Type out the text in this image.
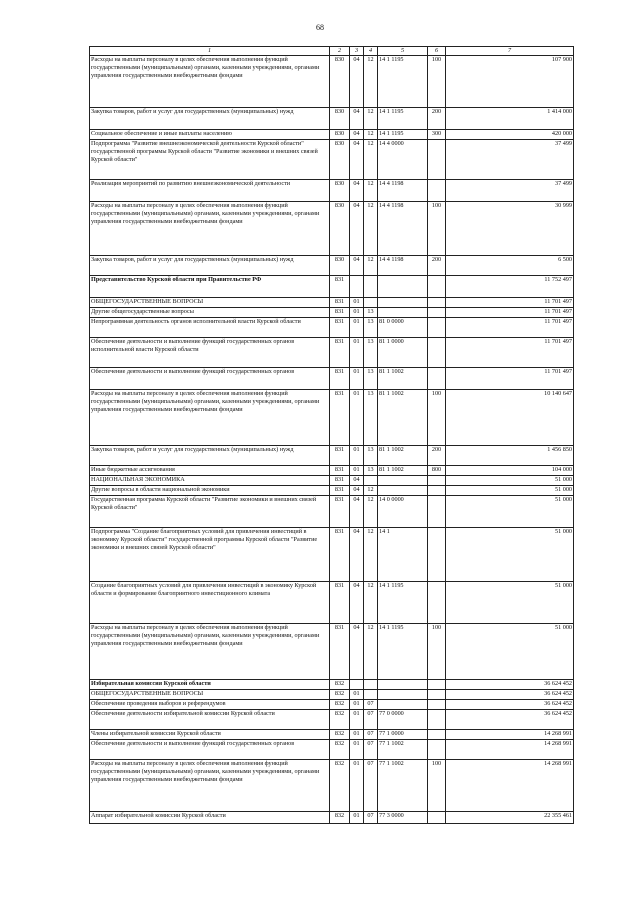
68
1	2	3	4	5	6	7
Расходы на выплаты персоналу в целях обеспечения выполнения функций государственными (муниципальными) органами, казенными учреждениями, органами управления государственными внебюджетными фондами	830	04	12	14 1 1195	100	107 900
Закупка товаров, работ и услуг для государственных (муниципальных) нужд	830	04	12	14 1 1195	200	1 414 000
Социальное обеспечение и иные выплаты населению	830	04	12	14 1 1195	300	420 000
Подпрограмма "Развитие внешнеэкономической деятельности Курской области" государственной программы Курской области "Развитие экономики и внешних связей Курской области"	830	04	12	14 4 0000		37 499
Реализация мероприятий по развитию внешнеэкономической деятельности	830	04	12	14 4 1198		37 499
Расходы на выплаты персоналу в целях обеспечения выполнения функций государственными (муниципальными) органами, казенными учреждениями, органами управления государственными внебюджетными фондами	830	04	12	14 4 1198	100	30 999
Закупка товаров, работ и услуг для государственных (муниципальных) нужд	830	04	12	14 4 1198	200	6 500
Представительство Курской области при Правительстве РФ	831					11 752 497
ОБЩЕГОСУДАРСТВЕННЫЕ ВОПРОСЫ	831	01				11 701 497
Другие общегосударственные вопросы	831	01	13			11 701 497
Непрограммная деятельность органов исполнительной власти Курской области	831	01	13	81 0 0000		11 701 497
Обеспечение деятельности и выполнение функций государственных органов исполнительной власти Курской области	831	01	13	81 1 0000		11 701 497
Обеспечение деятельности и выполнение функций государственных органов	831	01	13	81 1 1002		11 701 497
Расходы на выплаты персоналу в целях обеспечения выполнения функций государственными (муниципальными) органами, казенными учреждениями, органами управления государственными внебюджетными фондами	831	01	13	81 1 1002	100	10 140 647
Закупка товаров, работ и услуг для государственных (муниципальных) нужд	831	01	13	81 1 1002	200	1 456 850
Иные бюджетные ассигнования	831	01	13	81 1 1002	800	104 000
НАЦИОНАЛЬНАЯ ЭКОНОМИКА	831	04				51 000
Другие вопросы в области национальной экономики	831	04	12			51 000
Государственная программа Курской области "Развитие экономики и внешних связей Курской области"	831	04	12	14 0 0000		51 000
Подпрограмма "Создание благоприятных условий для привлечения инвестиций в экономику Курской области" государственной программы Курской области "Развитие экономики и внешних связей Курской области"	831	04	12	14 1		51 000
Создание благоприятных условий для привлечения инвестиций в экономику Курской области и формирование благоприятного инвестиционного климата	831	04	12	14 1 1195		51 000
Расходы на выплаты персоналу в целях обеспечения выполнения функций государственными (муниципальными) органами, казенными учреждениями, органами управления государственными внебюджетными фондами	831	04	12	14 1 1195	100	51 000
Избирательная комиссия Курской области	832					36 624 452
ОБЩЕГОСУДАРСТВЕННЫЕ ВОПРОСЫ	832	01				36 624 452
Обеспечение проведения выборов и референдумов	832	01	07			36 624 452
Обеспечение деятельности избирательной комиссии Курской области	832	01	07	77 0 0000		36 624 452
Члены избирательной комиссии Курской области	832	01	07	77 1 0000		14 268 991
Обеспечение деятельности и выполнение функций государственных органов	832	01	07	77 1 1002		14 268 991
Расходы на выплаты персоналу в целях обеспечения выполнения функций государственными (муниципальными) органами, казенными учреждениями, органами управления государственными внебюджетными фондами	832	01	07	77 1 1002	100	14 268 991
Аппарат избирательной комиссии Курской области	832	01	07	77 3 0000		22 355 461
